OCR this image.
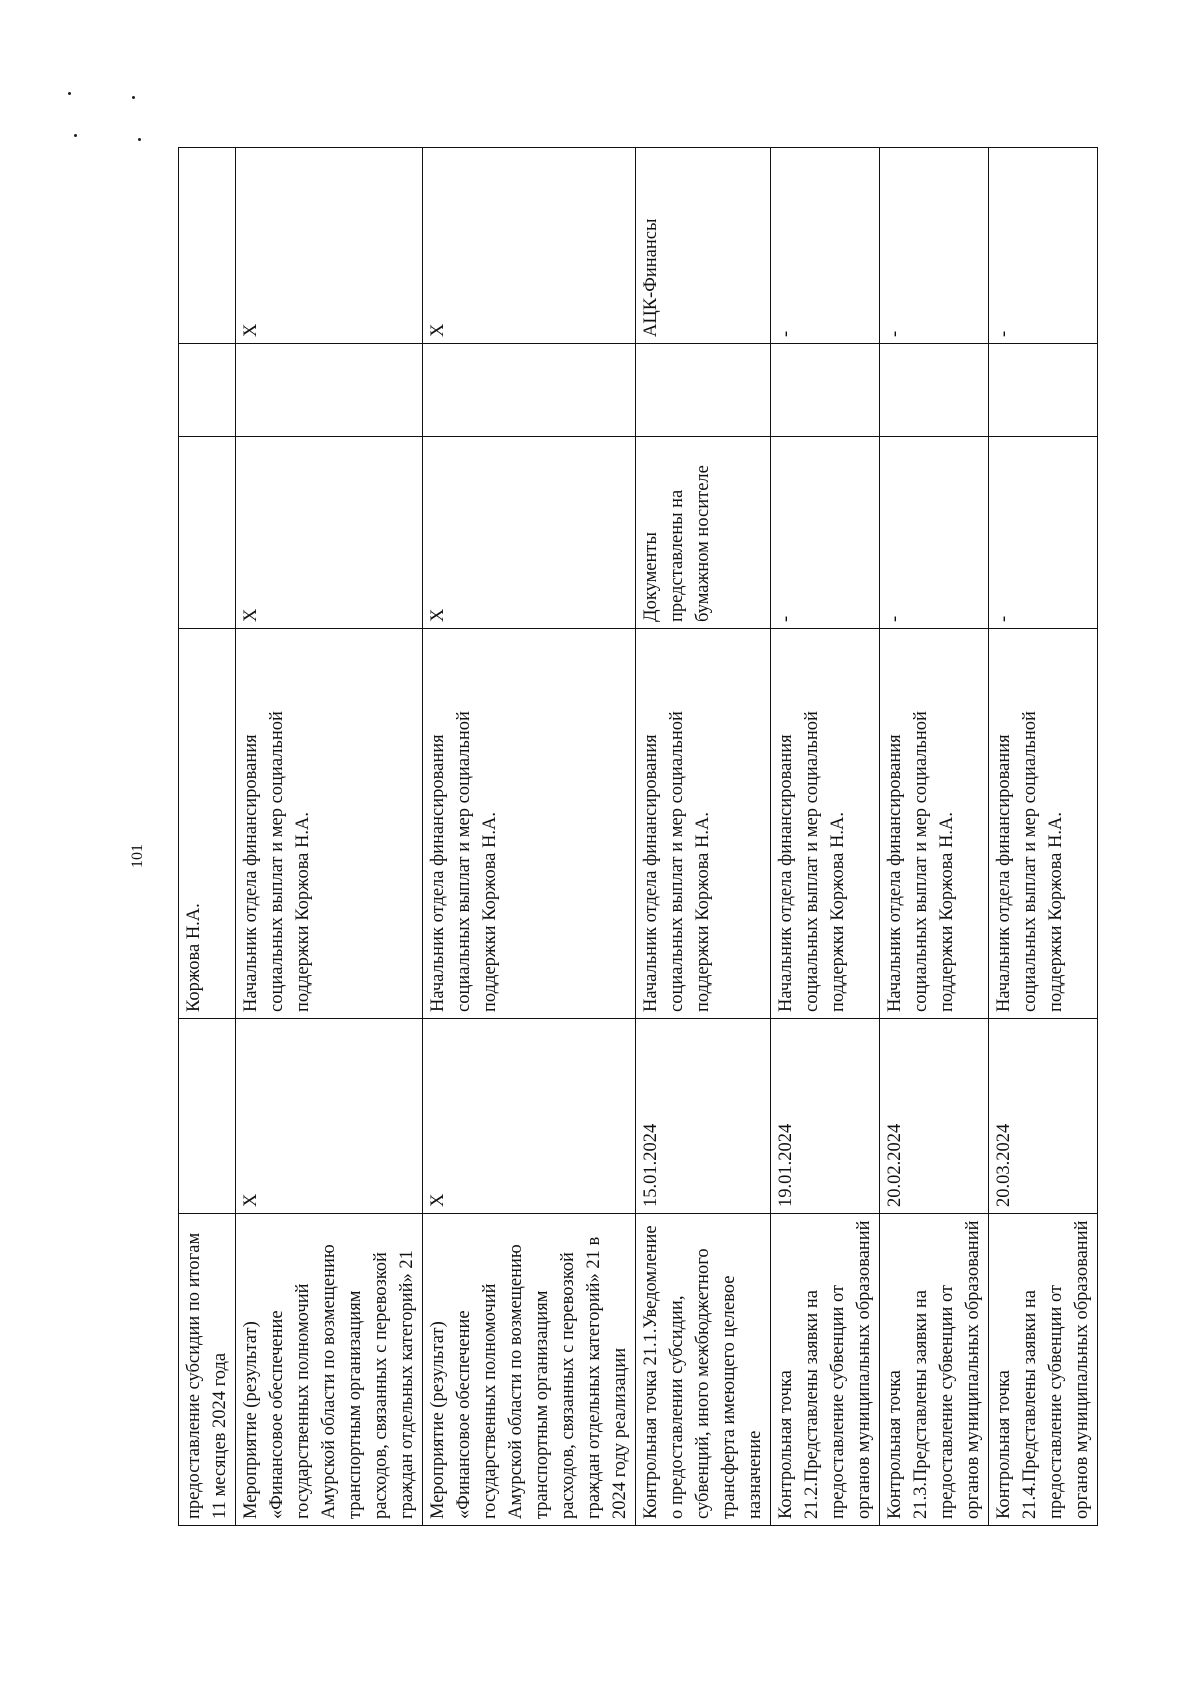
101
предоставление субсидии по итогам 11 месяцев 2024 года		Коржова Н.А.			
Мероприятие (результат) «Финансовое обеспечение государственных полномочий Амурской области по возмещению транспортным организациям расходов, связанных с перевозкой граждан отдельных категорий» 21	Х	Начальник отдела финансирования социальных выплат и мер социальной поддержки Коржова Н.А.	Х		Х
Мероприятие (результат) «Финансовое обеспечение государственных полномочий Амурской области по возмещению транспортным организациям расходов, связанных с перевозкой граждан отдельных категорий» 21 в 2024 году реализации	Х	Начальник отдела финансирования социальных выплат и мер социальной поддержки Коржова Н.А.	Х		Х
Контрольная точка 21.1.Уведомление о предоставлении субсидии, субвенций, иного межбюджетного трансферта имеющего целевое назначение	15.01.2024	Начальник отдела финансирования социальных выплат и мер социальной поддержки Коржова Н.А.	Документы представлены на бумажном носителе		АЦК-Финансы
Контрольная точка 21.2.Представлены заявки на предоставление субвенции от органов муниципальных образований	19.01.2024	Начальник отдела финансирования социальных выплат и мер социальной поддержки Коржова Н.А.	-		-
Контрольная точка 21.3.Представлены заявки на предоставление субвенции от органов муниципальных образований	20.02.2024	Начальник отдела финансирования социальных выплат и мер социальной поддержки Коржова Н.А.	-		-
Контрольная точка 21.4.Представлены заявки на предоставление субвенции от органов муниципальных образований	20.03.2024	Начальник отдела финансирования социальных выплат и мер социальной поддержки Коржова Н.А.	-		-
